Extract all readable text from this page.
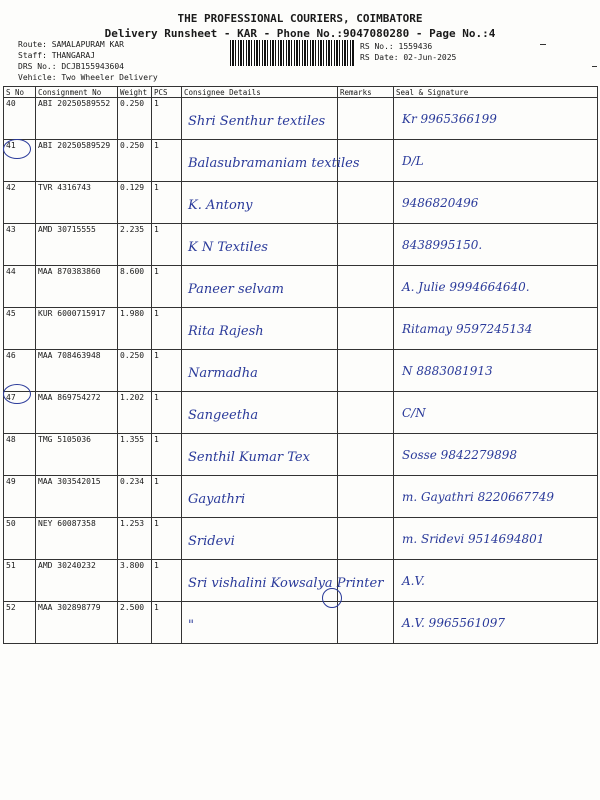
THE PROFESSIONAL COURIERS, COIMBATORE
Delivery Runsheet - KAR - Phone No.:9047080280 - Page No.:4
Route: SAMALAPURAM KAR
Staff: THANGARAJ
DRS No.: DCJB155943604
Vehicle: Two Wheeler Delivery
RS No.: 1559436
RS Date: 02-Jun-2025
S No	Consignment No	Weight	PCS	Consignee Details	Remarks	Seal & Signature
40	ABI 20250589552	0.250	1	Shri Senthur textiles		Kr 9965366199

41	ABI 20250589529	0.250	1	Balasubramaniam textiles		D/L

42	TVR 4316743	0.129	1	K. Antony		9486820496

43	AMD 30715555	2.235	1	K N Textiles		8438995150.

44	MAA 870383860	8.600	1	Paneer selvam		A. Julie 9994664640.

45	KUR 6000715917	1.980	1	Rita Rajesh		Ritamay 9597245134

46	MAA 708463948	0.250	1	Narmadha		N 8883081913

47	MAA 869754272	1.202	1	Sangeetha		C/N

48	TMG 5105036	1.355	1	Senthil Kumar Tex		Sosse 9842279898

49	MAA 303542015	0.234	1	Gayathri		m. Gayathri 8220667749

50	NEY 60087358	1.253	1	Sridevi		m. Sridevi 9514694801

51	AMD 30240232	3.800	1	Sri vishalini Kowsalya Printer		A.V.

52	MAA 302898779	2.500	1	"		A.V. 9965561097
